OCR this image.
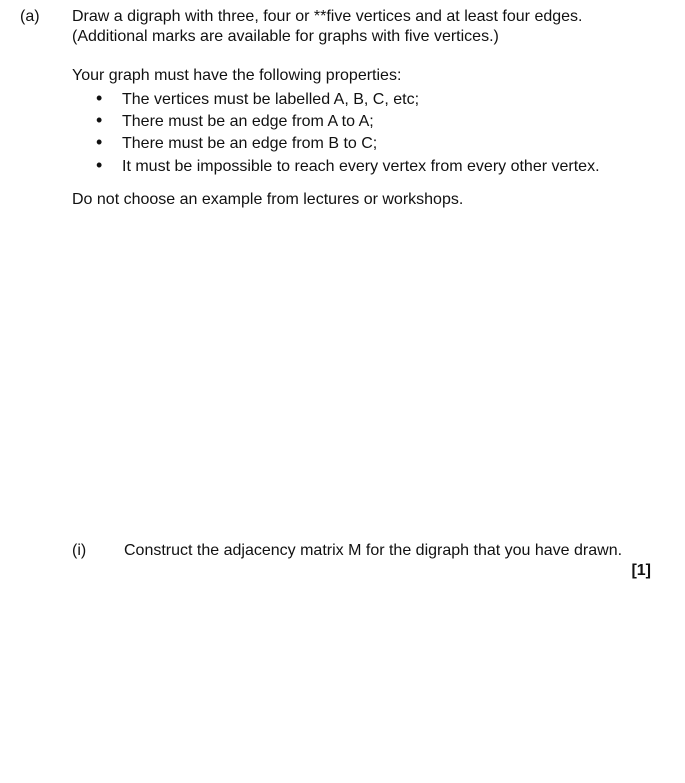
(a) Draw a digraph with three, four or **five vertices and at least four edges.
(Additional marks are available for graphs with five vertices.)
Your graph must have the following properties:
• The vertices must be labelled A, B, C, etc;
• There must be an edge from A to A;
• There must be an edge from B to C;
• It must be impossible to reach every vertex from every other vertex.
Do not choose an example from lectures or workshops.
(i) Construct the adjacency matrix M for the digraph that you have drawn.
[1]
